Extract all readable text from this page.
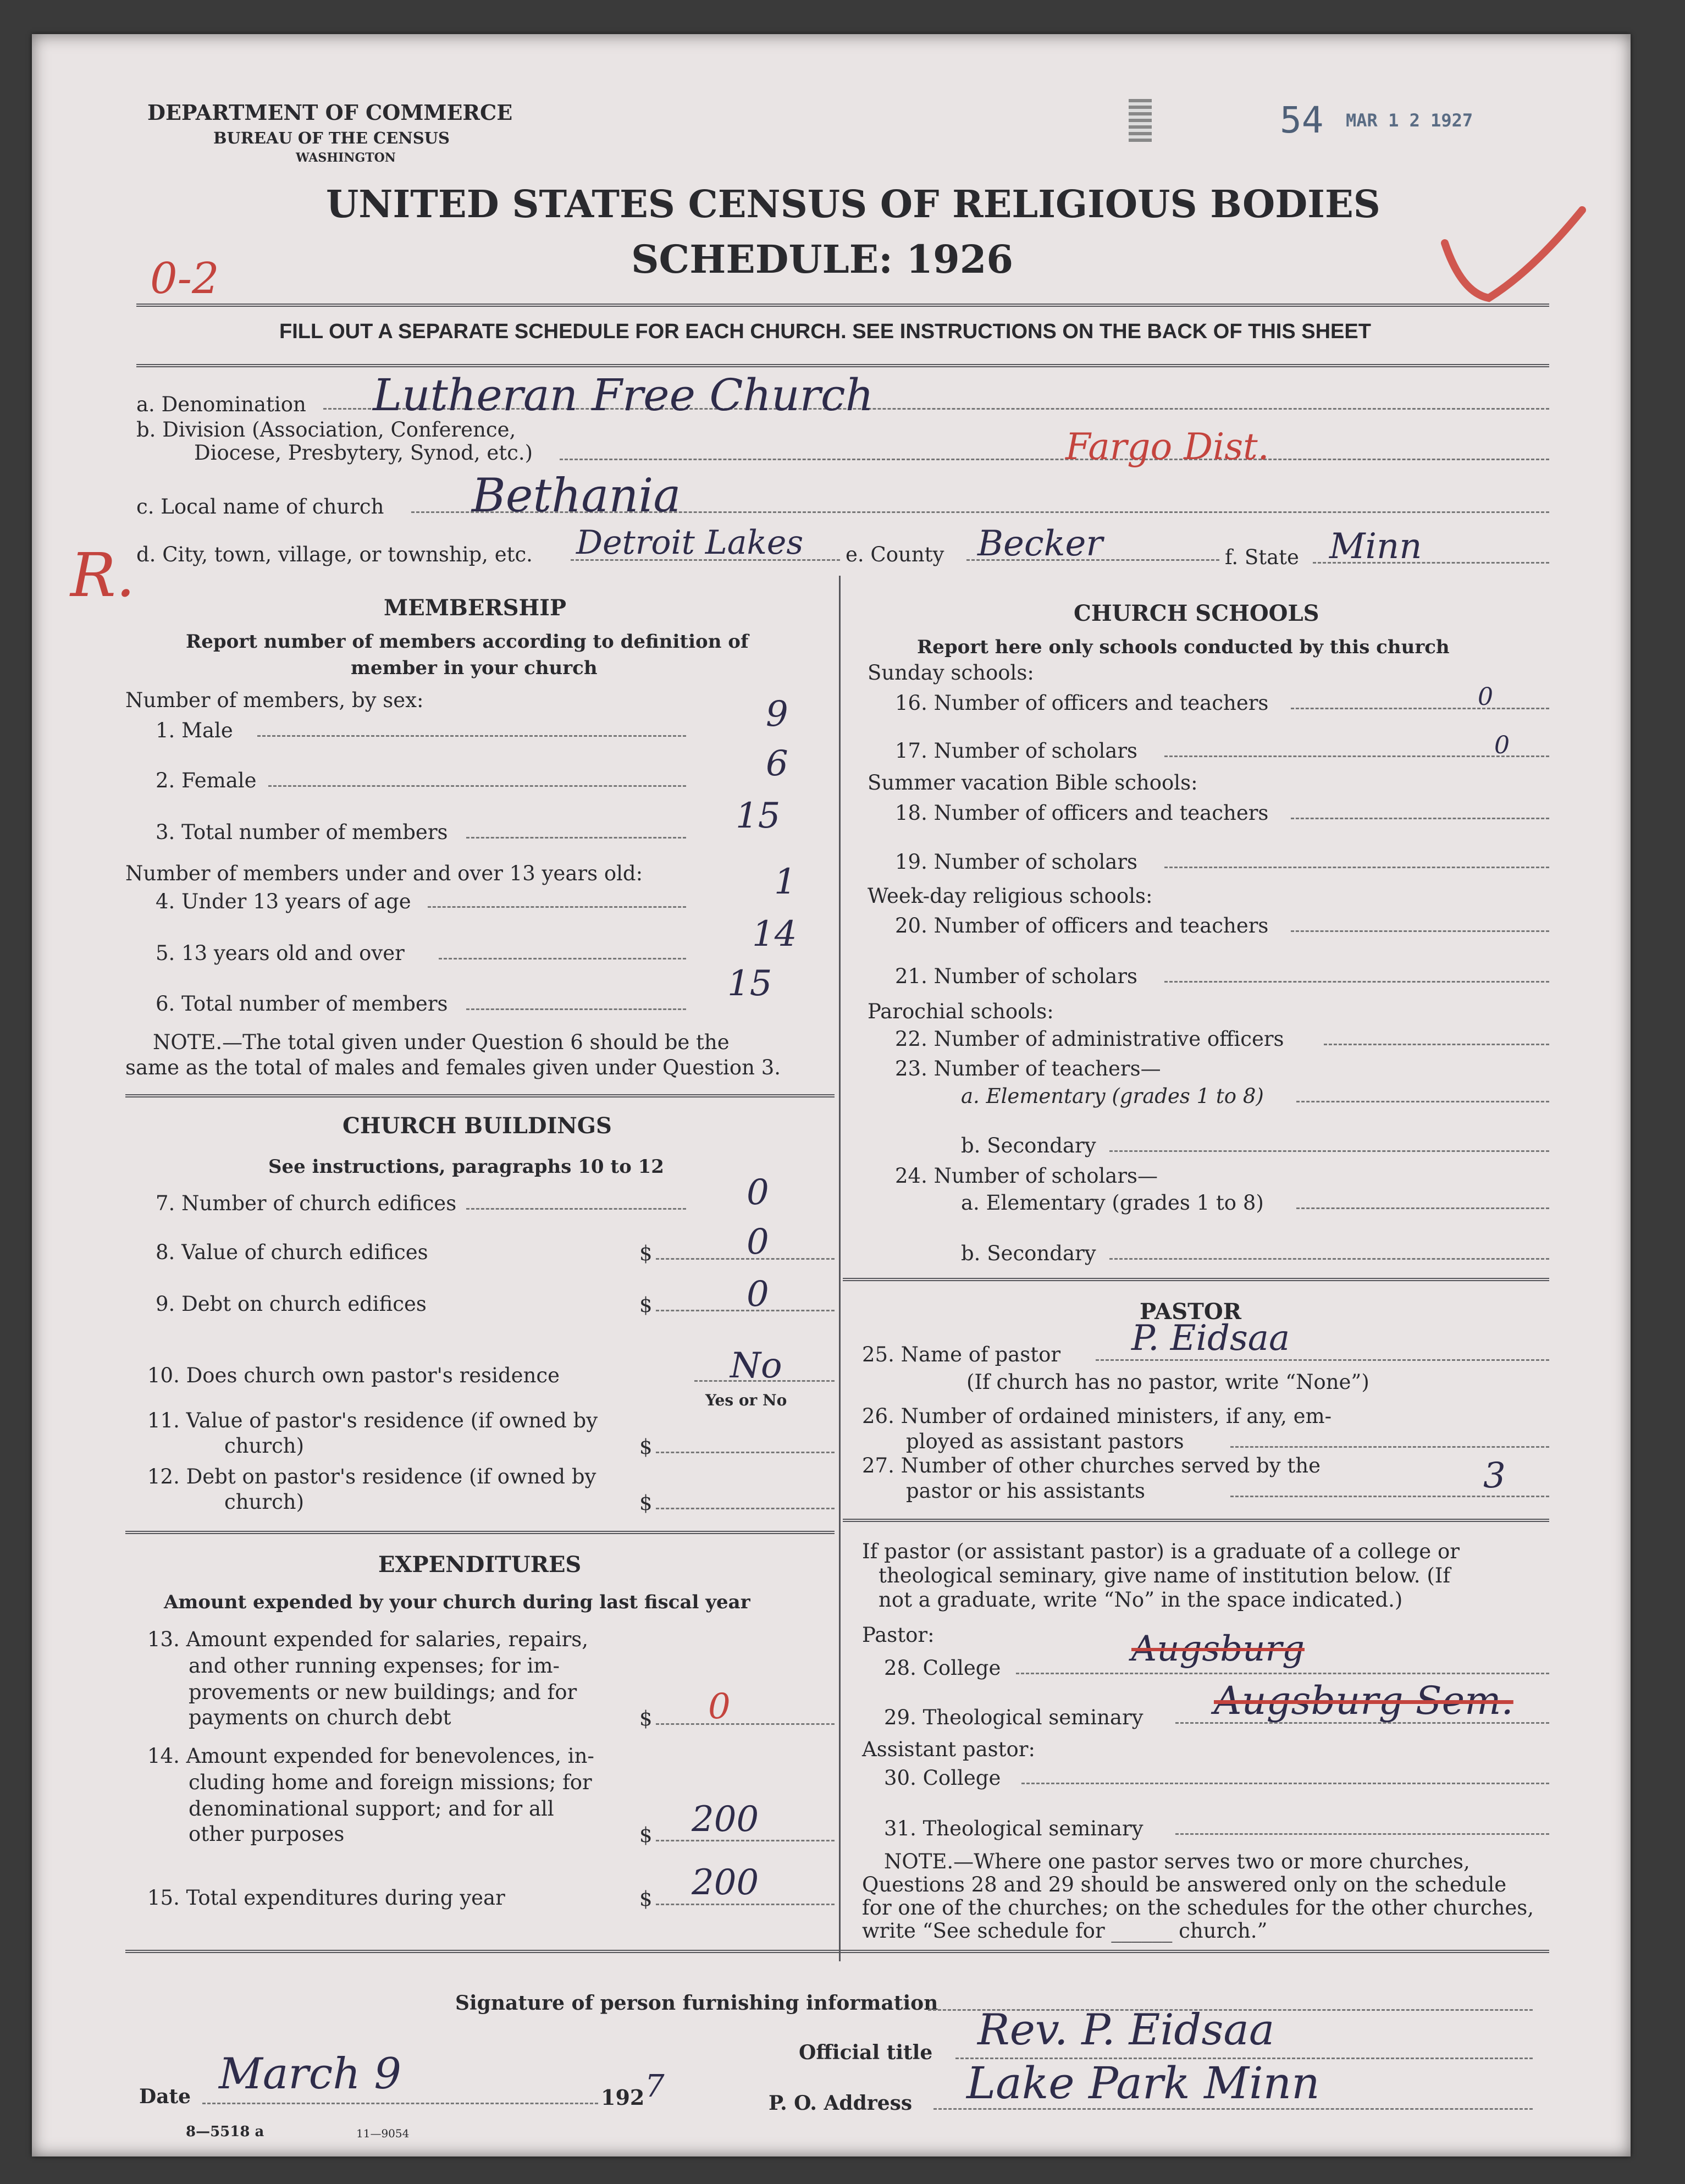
DEPARTMENT OF COMMERCE
BUREAU OF THE CENSUS
WASHINGTON
UNITED STATES CENSUS OF RELIGIOUS BODIES
SCHEDULE: 1926
54 MAR 1 2 1927
0-2
R.
FILL OUT A SEPARATE SCHEDULE FOR EACH CHURCH. SEE INSTRUCTIONS ON THE BACK OF THIS SHEET
a. Denomination Lutheran Free Church
b. Division (Association, Conference,
Diocese, Presbytery, Synod, etc.)	Fargo Dist.
c. Local name of church Bethania
d. City, town, village, or township, etc. Detroit Lakes e. County Becker	f. State Minn
MEMBERSHIP
Report number of members according to definition of
member in your church
Number of members, by sex:
1. Male	9
2. Female	6
3. Total number of members	15
Number of members under and over 13 years old:
4. Under 13 years of age	1
5. 13 years old and over	14
6. Total number of members	15
NOTE.—The total given under Question 6 should be the
same as the total of males and females given under Question 3.
CHURCH BUILDINGS
See instructions, paragraphs 10 to 12
7. Number of church edifices	0
8. Value of church edifices	$	0
9. Debt on church edifices	$	0
10. Does church own pastor's residence	No
Yes or No
11. Value of pastor's residence (if owned by
church)	$
12. Debt on pastor's residence (if owned by
church)	$
EXPENDITURES
Amount expended by your church during last fiscal year
13. Amount expended for salaries, repairs,
and other running expenses; for im-
provements or new buildings; and for
payments on church debt	$ 0
14. Amount expended for benevolences, in-
cluding home and foreign missions; for
denominational support; and for all
other purposes	$ 200
15. Total expenditures during year	$ 200
CHURCH SCHOOLS
Report here only schools conducted by this church
Sunday schools:
16. Number of officers and teachers	0
17. Number of scholars	0
Summer vacation Bible schools:
18. Number of officers and teachers
19. Number of scholars
Week-day religious schools:
20. Number of officers and teachers
21. Number of scholars
Parochial schools:
22. Number of administrative officers
23. Number of teachers—
a. Elementary (grades 1 to 8)
b. Secondary
24. Number of scholars—
a. Elementary (grades 1 to 8)
b. Secondary
PASTOR
25. Name of pastor P. Eidsaa
(If church has no pastor, write “None”)
26. Number of ordained ministers, if any, em-
ployed as assistant pastors
27. Number of other churches served by the
pastor or his assistants	3
If pastor (or assistant pastor) is a graduate of a college or
theological seminary, give name of institution below. (If
not a graduate, write “No” in the space indicated.)
Pastor:
28. College	Augsburg
29. Theological seminary Augsburg Sem.
Assistant pastor:
30. College
31. Theological seminary
NOTE.—Where one pastor serves two or more churches,
Questions 28 and 29 should be answered only on the schedule
for one of the churches; on the schedules for the other churches,
write “See schedule for ______ church.”
Signature of person furnishing information
Official title Rev. P. Eidsaa
Date March 9	192 7	P. O. Address Lake Park Minn
8—5518 a	11—9054
